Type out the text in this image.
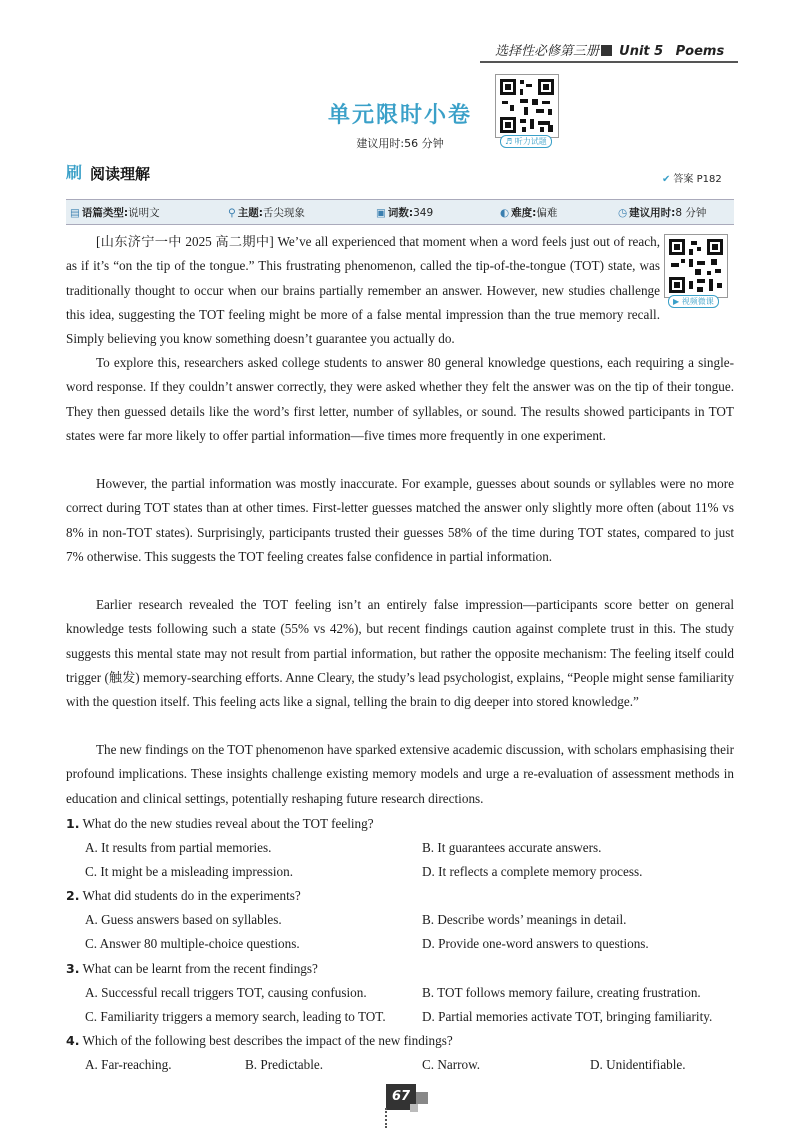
选择性必修第三册 Unit 5 Poems
单元限时小卷
建议用时:56 分钟	♬ 听力试题
刷 阅读理解	✔ 答案 P182
▤ 语篇类型:说明文	⚲ 主题:舌尖现象	▣ 词数:349	◐ 难度:偏难	◷ 建议用时:8 分钟
▶ 视频微课

[山东济宁一中 2025 高二期中] We’ve all experienced that moment when a word feels just out of reach, as if it’s “on the tip of the tongue.” This frustrating phenomenon, called the tip-of-the-tongue (TOT) state, was traditionally thought to occur when our brains partially remember an answer. However, new studies challenge this idea, suggesting the TOT feeling might be more of a false mental impression than the true memory recall. Simply believing you know something doesn’t guarantee you actually do.

To explore this, researchers asked college students to answer 80 general knowledge questions, each requiring a single-word response. If they couldn’t answer correctly, they were asked whether they felt the answer was on the tip of their tongue. They then guessed details like the word’s first letter, number of syllables, or sound. The results showed participants in TOT states were far more likely to offer partial information—five times more frequently in one experiment.

However, the partial information was mostly inaccurate. For example, guesses about sounds or syllables were no more correct during TOT states than at other times. First-letter guesses matched the answer only slightly more often (about 11% vs 8% in non-TOT states). Surprisingly, participants trusted their guesses 58% of the time during TOT states, compared to just 7% otherwise. This suggests the TOT feeling creates false confidence in partial information.

Earlier research revealed the TOT feeling isn’t an entirely false impression—participants score better on general knowledge tests following such a state (55% vs 42%), but recent findings caution against complete trust in this. The study suggests this mental state may not result from partial information, but rather the opposite mechanism: The feeling itself could trigger (触发) memory-searching efforts. Anne Cleary, the study’s lead psychologist, explains, “People might sense familiarity with the question itself. This feeling acts like a signal, telling the brain to dig deeper into stored knowledge.”

The new findings on the TOT phenomenon have sparked extensive academic discussion, with scholars emphasising their profound implications. These insights challenge existing memory models and urge a re-evaluation of assessment methods in education and clinical settings, potentially reshaping future research directions.

1. What do the new studies reveal about the TOT feeling?
A. It results from partial memories.	B. It guarantees accurate answers.
C. It might be a misleading impression.	D. It reflects a complete memory process.
2. What did students do in the experiments?
A. Guess answers based on syllables.	B. Describe words’ meanings in detail.
C. Answer 80 multiple-choice questions.	D. Provide one-word answers to questions.
3. What can be learnt from the recent findings?
A. Successful recall triggers TOT, causing confusion.	B. TOT follows memory failure, creating frustration.
C. Familiarity triggers a memory search, leading to TOT.	D. Partial memories activate TOT, bringing familiarity.
4. Which of the following best describes the impact of the new findings?
A. Far-reaching.	B. Predictable.	C. Narrow.	D. Unidentifiable.
67
